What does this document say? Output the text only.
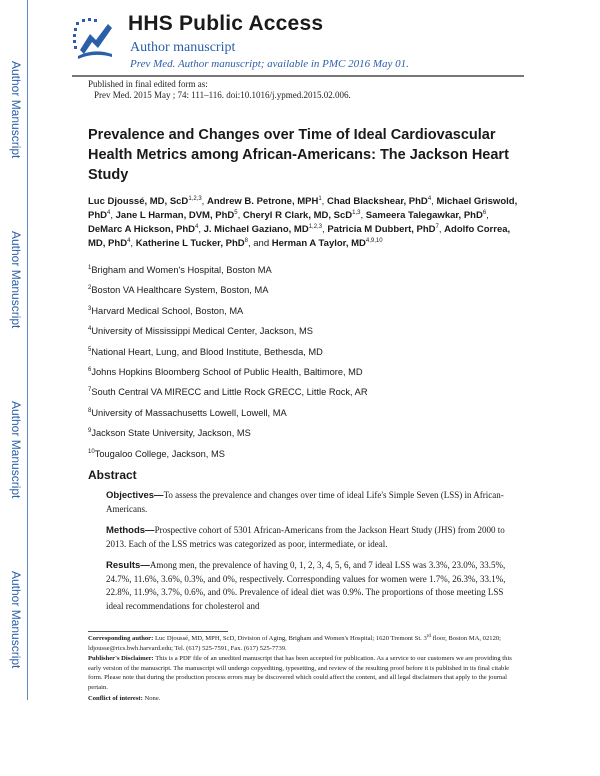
Author Manuscript
Author Manuscript
Author Manuscript
Author Manuscript
HHS Public Access
Author manuscript
Prev Med. Author manuscript; available in PMC 2016 May 01.
Published in final edited form as:
Prev Med. 2015 May ; 74: 111–116. doi:10.1016/j.ypmed.2015.02.006.
Prevalence and Changes over Time of Ideal Cardiovascular Health Metrics among African-Americans: The Jackson Heart Study
Luc Djoussé, MD, ScD$^{1,2,3}$, Andrew B. Petrone, MPH$^1$, Chad Blackshear, PhD$^4$, Michael Griswold, PhD$^4$, Jane L Harman, DVM, PhD$^5$, Cheryl R Clark, MD, ScD$^{1,3}$, Sameera Talegawkar, PhD$^6$, DeMarc A Hickson, PhD$^4$, J. Michael Gaziano, MD$^{1,2,3}$, Patricia M Dubbert, PhD$^7$, Adolfo Correa, MD, PhD$^4$, Katherine L Tucker, PhD$^8$, and Herman A Taylor, MD$^{4,9,10}$
$^1$Brigham and Women's Hospital, Boston MA
$^2$Boston VA Healthcare System, Boston, MA
$^3$Harvard Medical School, Boston, MA
$^4$University of Mississippi Medical Center, Jackson, MS
$^5$National Heart, Lung, and Blood Institute, Bethesda, MD
$^6$Johns Hopkins Bloomberg School of Public Health, Baltimore, MD
$^7$South Central VA MIRECC and Little Rock GRECC, Little Rock, AR
$^8$University of Massachusetts Lowell, Lowell, MA
$^9$Jackson State University, Jackson, MS
$^{10}$Tougaloo College, Jackson, MS
Abstract
Objectives—To assess the prevalence and changes over time of ideal Life's Simple Seven (LSS) in African-Americans.
Methods—Prospective cohort of 5301 African-Americans from the Jackson Heart Study (JHS) from 2000 to 2013. Each of the LSS metrics was categorized as poor, intermediate, or ideal.
Results—Among men, the prevalence of having 0, 1, 2, 3, 4, 5, 6, and 7 ideal LSS was 3.3%, 23.0%, 33.5%, 24.7%, 11.6%, 3.6%, 0.3%, and 0%, respectively. Corresponding values for women were 1.7%, 26.3%, 33.1%, 22.8%, 11.9%, 3.7%, 0.6%, and 0%. Prevalence of ideal diet was 0.9%. The proportions of those meeting LSS ideal recommendations for cholesterol and
Corresponding author: Luc Djoussé, MD, MPH, ScD, Division of Aging, Brigham and Women's Hospital; 1620 Tremont St. 3rd floor, Boston MA, 02120; ldjousse@rics.bwh.harvard.edu; Tel. (617) 525-7591, Fax. (617) 525-7739.
Publisher's Disclaimer: This is a PDF file of an unedited manuscript that has been accepted for publication. As a service to our customers we are providing this early version of the manuscript. The manuscript will undergo copyediting, typesetting, and review of the resulting proof before it is published in its final citable form. Please note that during the production process errors may be discovered which could affect the content, and all legal disclaimers that apply to the journal pertain.
Conflict of interest: None.
